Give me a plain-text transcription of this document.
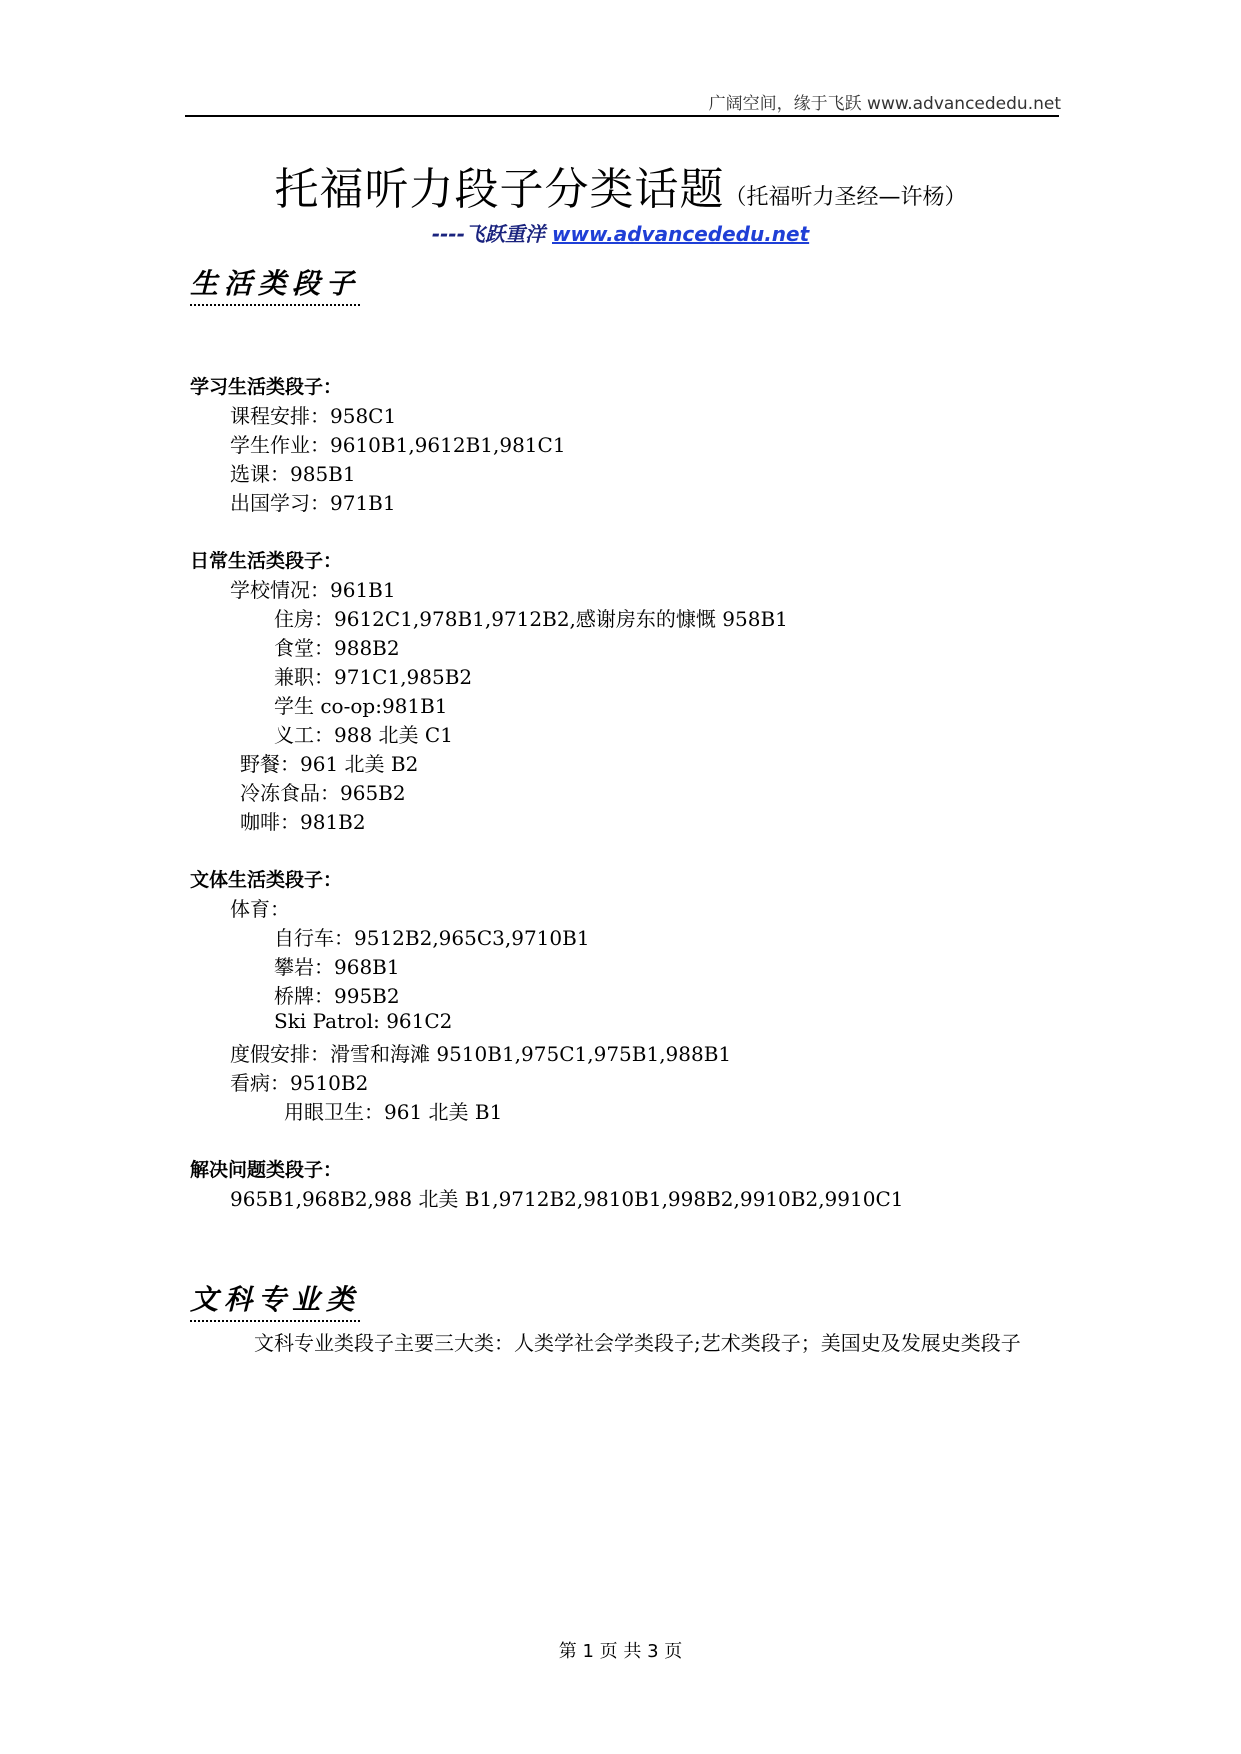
广阔空间，缘于飞跃 www.advancededu.net
托福听力段子分类话题（托福听力圣经—许杨）
----飞跃重洋 www.advancededu.net
生活类段子
学习生活类段子：
课程安排：958C1
学生作业：9610B1,9612B1,981C1
选课：985B1
出国学习：971B1
日常生活类段子：
学校情况：961B1
住房：9612C1,978B1,9712B2,感谢房东的慷慨 958B1
食堂：988B2
兼职：971C1,985B2
学生 co-op:981B1
义工：988 北美 C1
野餐：961 北美 B2
冷冻食品：965B2
咖啡：981B2
文体生活类段子：
体育：
自行车：9512B2,965C3,9710B1
攀岩：968B1
桥牌：995B2
Ski Patrol: 961C2
度假安排：滑雪和海滩 9510B1,975C1,975B1,988B1
看病：9510B2
用眼卫生：961 北美 B1
解决问题类段子：
965B1,968B2,988 北美 B1,9712B2,9810B1,998B2,9910B2,9910C1
文科专业类
文科专业类段子主要三大类：人类学社会学类段子;艺术类段子；美国史及发展史类段子
第 1 页 共 3 页
